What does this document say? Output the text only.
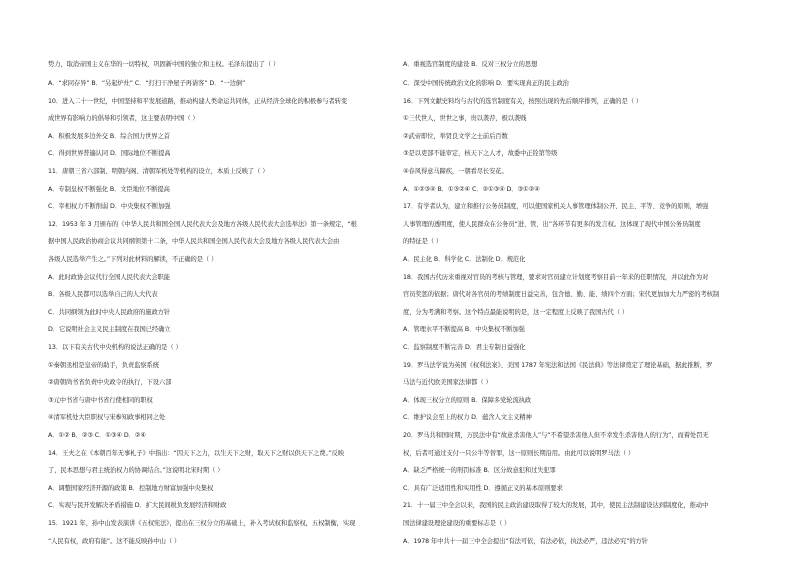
势力，取消帝国主义在华的一切特权，巩固新中国的独立和主权。毛泽东提出了（ ）
A．“求同存异” B．“另起炉灶” C．“打扫干净屋子再请客” D．“一边倒”
10．进入二十一世纪，中国坚持和平发展道路，推动构建人类命运共同体，正从经济全球化的积极参与者转变
成世界有影响力的倡导和引领者，这主要表明中国（ ）
A．积极发展多边外交 B．综合国力世界之首
C．得到世界普遍认同 D．国际地位不断提高
11．唐朝三省六部制、明朝内阁、清朝军机处等机构的设立，本质上反映了（ ）
A．专制皇权不断强化 B．文臣地位不断提高
C．宰相权力不断削弱 D．中央集权不断加强
12．1953 年 3 月颁布的《中华人民共和国全国人民代表大会及地方各级人民代表大会选举法》第一条规定，“根
据中国人民政治协商会议共同纲领第十二条，中华人民共和国全国人民代表大会及地方各级人民代表大会由
各级人民选举产生之。”下列对此材料的解读，不正确的是（ ）
A．此时政协会议代行全国人民代表大会职能
B．各级人民都可以选举自己的人大代表
C．共同纲领为此时中央人民政府的施政方针
D．它说明社会主义民主制度在我国已经确立
13．以下有关古代中央机构的说法正确的是（ ）
①秦朝丞相是皇帝的助手，负责监察系统
②唐朝尚书省负责中央政令的执行，下设六部
③元中书省与唐中书省行使相同的职权
④清军机处大臣职权与宋参知政事相同之处
A．①② B．②③ C．①③④ D．②④
14．王夫之在《本朝百年无事札子》中指出：“因天下之力，以生天下之财，取天下之财以供天下之费。”反映
了，民本思想与君主统治权力的协调结合。”这说明北宋时期（ ）
A．调整国家经济开源的政策 B．控制地方财富加强中央集权
C．实现与民开发解决矛盾措施 D．扩大民间税负发展经济和财政
15．1921 年，孙中山发表演讲《五权宪法》，提出在三权分立的基础上，补入考试权和监察权，五权制衡，实现
“人民有权，政府有能”。这不能反映孙中山（ ）
A．重视选官制度的建设 B．反对三权分立的思想
C．深受中国传统政治文化的影响 D．要实现真正的民主政治
16．下列文献史料均与古代的选官制度有关，按照出现的先后顺序排列，正确的是（ ）
①三代世人，世世之事，贵以袭荐，极以袭贱
②武帝即位，举贤良文学之士前后百数
③是以吏部不能审定，核天下之人才，故委中正铨第等级
④春风得意马蹄疾，一朝看尽长安花。
A．①②③④ B．①③②④ C．②①③④ D．③①②④
17．有学者认为，建立和推行公务员制度，可以使国家机关人事管理体制公开、民主、平等、竞争的原则，增强
人事管理的透明度，使人民群众在公务员“进、管、出”各环节有更多的发言权。这体现了现代中国公务员制度
的特征是（ ）
A．民主化 B．科学化 C．法制化 D．规范化
18．我国古代历来重视对官员的考核与管理，要求对官员建立计划度考察目前一年来的任职情况，并以此作为对
官员奖惩的依据；唐代对各官员的考绩制度日益完善，包含德、勤、能、绩四个方面；宋代更加加大力严密的考核制
度，分为考满和考察。这个特点最能说明的是，这一定程度上反映了我国古代（ ）
A．管理水平不断提高 B．中央集权不断加强
C．监察制度不断完善 D．君主专制日益强化
19．罗马法学说为英国《权利法案》、美国 1787 年宪法和法国《民法典》等法律奠定了理论基础，据此推断，罗
马法与近代欧美国家法律都（ ）
A．体现三权分立的原则 B．保障多党轮流执政
C．维护议会至上的权力 D．蕴含人文主义精神
20．罗马共和国时期，万民法中有“故意杀害他人”与“不希望杀害他人但不幸发生杀害他人的行为”，而着处罚无
权，后者可通过支付一只公牛等替罪，这一原则长期沿用。由此可以说明罗马法（ ）
A．缺乏严格统一的刑罚标准 B．区分故意犯和过失犯罪
C．具有广泛适用性和实用性 D．遵循正义的基本原则要求
21．十一届三中全会以来，我国的民主政治建设取得了较大的发展，其中，使民主法制建设达到制度化，推动中
国法律建设理论建设的重要标志是（ ）
A．1978 年中共十一届三中全会提出“有法可依，有法必依，执法必严，违法必究”的方针
